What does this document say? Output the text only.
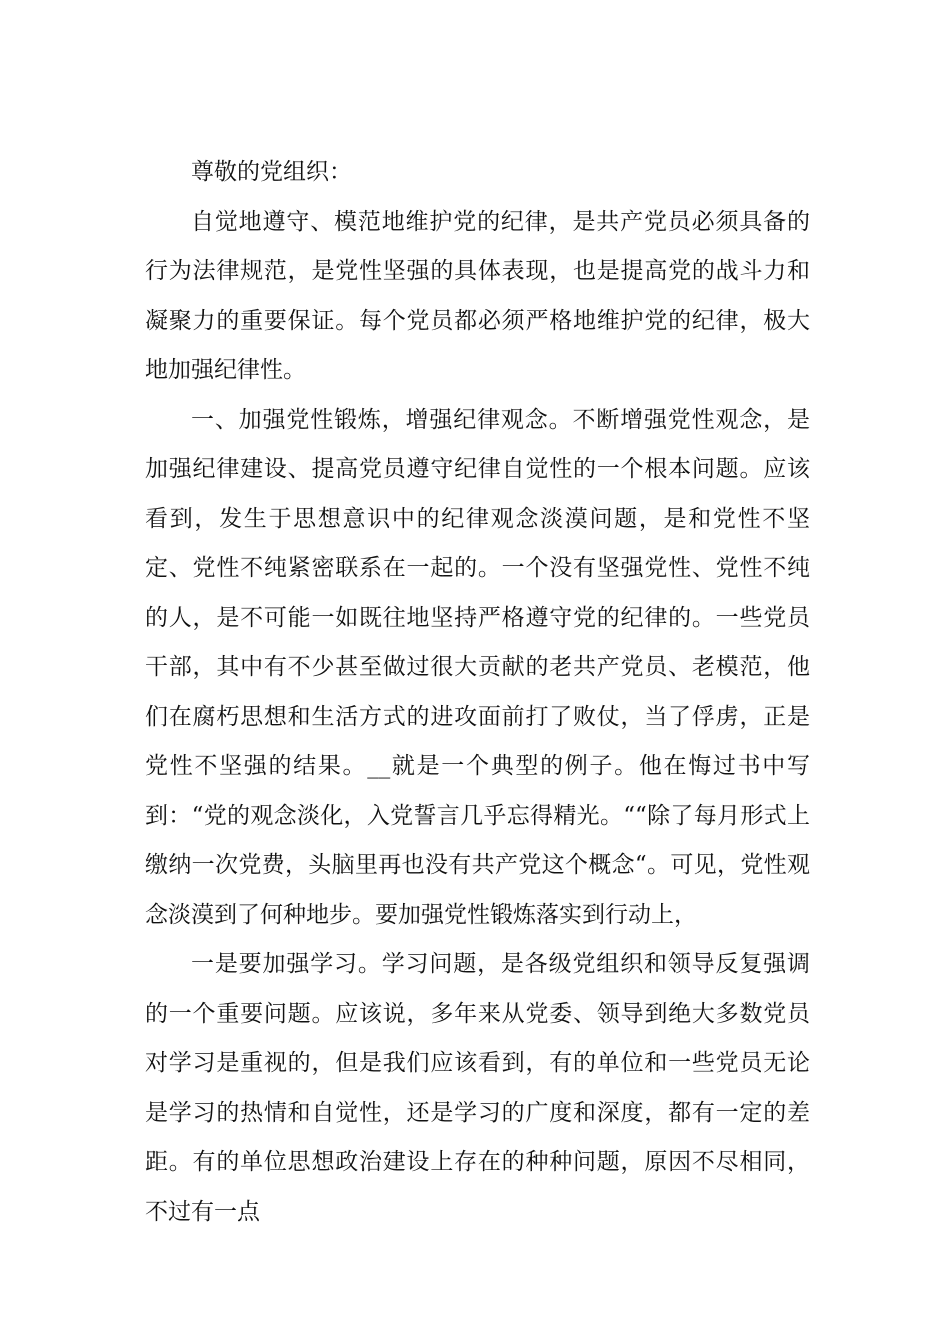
尊敬的党组织：

自觉地遵守、模范地维护党的纪律，是共产党员必须具备的行为法律规范，是党性坚强的具体表现，也是提高党的战斗力和凝聚力的重要保证。每个党员都必须严格地维护党的纪律，极大地加强纪律性。

一、加强党性锻炼，增强纪律观念。不断增强党性观念，是加强纪律建设、提高党员遵守纪律自觉性的一个根本问题。应该看到，发生于思想意识中的纪律观念淡漠问题，是和党性不坚定、党性不纯紧密联系在一起的。一个没有坚强党性、党性不纯的人，是不可能一如既往地坚持严格遵守党的纪律的。一些党员干部，其中有不少甚至做过很大贡献的老共产党员、老模范，他们在腐朽思想和生活方式的进攻面前打了败仗，当了俘虏，正是党性不坚强的结果。__就是一个典型的例子。他在悔过书中写到：“党的观念淡化，入党誓言几乎忘得精光。““除了每月形式上缴纳一次党费，头脑里再也没有共产党这个概念“。可见，党性观念淡漠到了何种地步。要加强党性锻炼落实到行动上，

一是要加强学习。学习问题，是各级党组织和领导反复强调的一个重要问题。应该说，多年来从党委、领导到绝大多数党员对学习是重视的，但是我们应该看到，有的单位和一些党员无论是学习的热情和自觉性，还是学习的广度和深度，都有一定的差距。有的单位思想政治建设上存在的种种问题，原因不尽相同，不过有一点
